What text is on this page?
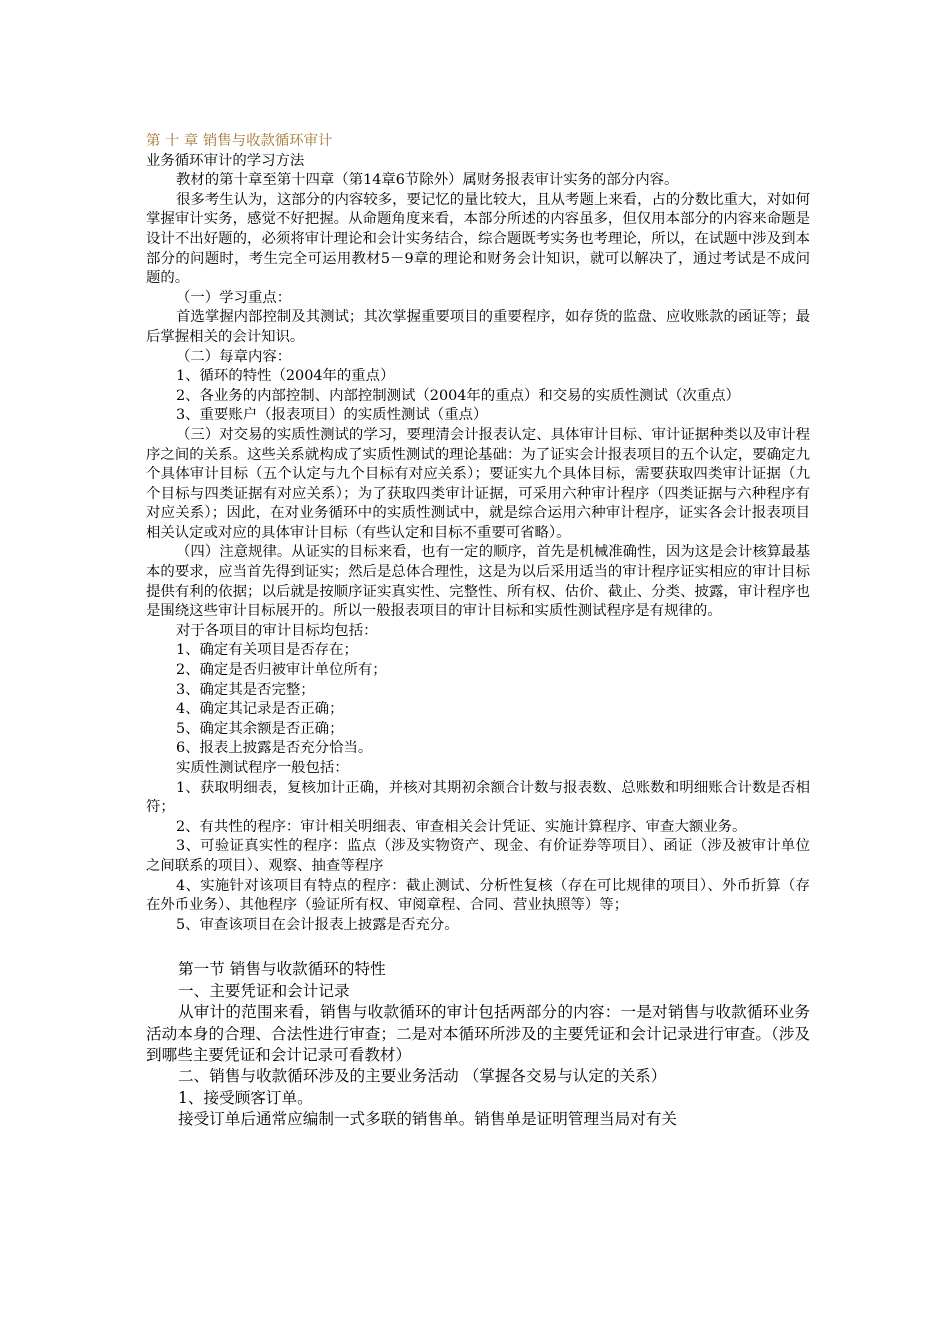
第 十 章 销售与收款循环审计

业务循环审计的学习方法

教材的第十章至第十四章（第14章6节除外）属财务报表审计实务的部分内容。

很多考生认为，这部分的内容较多，要记忆的量比较大，且从考题上来看，占的分数比重大，对如何掌握审计实务，感觉不好把握。从命题角度来看，本部分所述的内容虽多，但仅用本部分的内容来命题是设计不出好题的，必须将审计理论和会计实务结合，综合题既考实务也考理论，所以，在试题中涉及到本部分的问题时，考生完全可运用教材5－9章的理论和财务会计知识，就可以解决了，通过考试是不成问题的。

（一）学习重点：

首选掌握内部控制及其测试；其次掌握重要项目的重要程序，如存货的监盘、应收账款的函证等；最后掌握相关的会计知识。

（二）每章内容：

1、循环的特性（2004年的重点）

2、各业务的内部控制、内部控制测试（2004年的重点）和交易的实质性测试（次重点）

3、重要账户（报表项目）的实质性测试（重点）

（三）对交易的实质性测试的学习，要理清会计报表认定、具体审计目标、审计证据种类以及审计程序之间的关系。这些关系就构成了实质性测试的理论基础：为了证实会计报表项目的五个认定，要确定九个具体审计目标（五个认定与九个目标有对应关系）；要证实九个具体目标，需要获取四类审计证据（九个目标与四类证据有对应关系）；为了获取四类审计证据，可采用六种审计程序（四类证据与六种程序有对应关系）；因此，在对业务循环中的实质性测试中，就是综合运用六种审计程序，证实各会计报表项目相关认定或对应的具体审计目标（有些认定和目标不重要可省略）。

（四）注意规律。从证实的目标来看，也有一定的顺序，首先是机械准确性，因为这是会计核算最基本的要求，应当首先得到证实；然后是总体合理性，这是为以后采用适当的审计程序证实相应的审计目标提供有利的依据；以后就是按顺序证实真实性、完整性、所有权、估价、截止、分类、披露，审计程序也是围绕这些审计目标展开的。所以一般报表项目的审计目标和实质性测试程序是有规律的。

对于各项目的审计目标均包括：

1、确定有关项目是否存在；

2、确定是否归被审计单位所有；

3、确定其是否完整；

4、确定其记录是否正确；

5、确定其余额是否正确；

6、报表上披露是否充分恰当。

实质性测试程序一般包括：

1、获取明细表，复核加计正确，并核对其期初余额合计数与报表数、总账数和明细账合计数是否相符；

2、有共性的程序：审计相关明细表、审查相关会计凭证、实施计算程序、审查大额业务。

3、可验证真实性的程序：监点（涉及实物资产、现金、有价证券等项目）、函证（涉及被审计单位之间联系的项目）、观察、抽查等程序

4、实施针对该项目有特点的程序：截止测试、分析性复核（存在可比规律的项目）、外币折算（存在外币业务）、其他程序（验证所有权、审阅章程、合同、营业执照等）等；

5、审查该项目在会计报表上披露是否充分。

第一节 销售与收款循环的特性

一、主要凭证和会计记录

从审计的范围来看，销售与收款循环的审计包括两部分的内容：一是对销售与收款循环业务活动本身的合理、合法性进行审查；二是对本循环所涉及的主要凭证和会计记录进行审查。（涉及到哪些主要凭证和会计记录可看教材）

二、销售与收款循环涉及的主要业务活动 （掌握各交易与认定的关系）

1、接受顾客订单。

接受订单后通常应编制一式多联的销售单。销售单是证明管理当局对有关
